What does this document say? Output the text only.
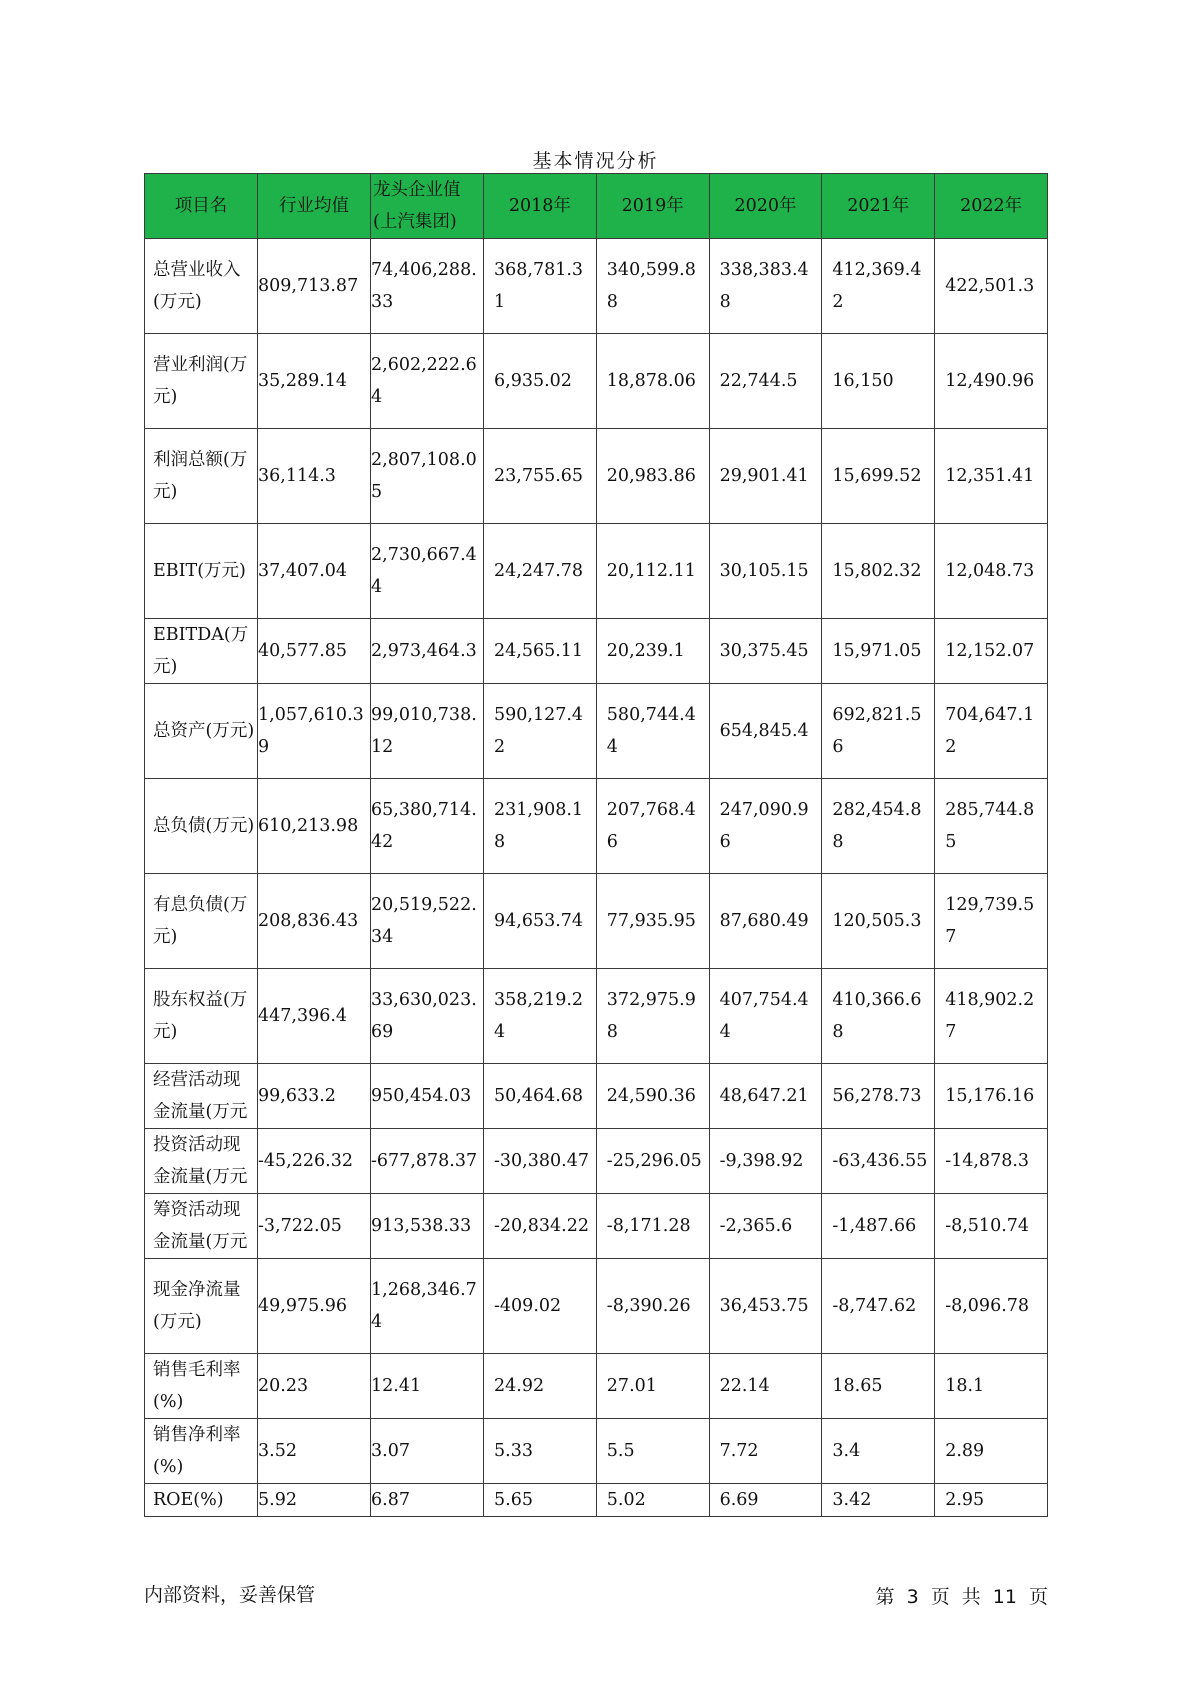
基本情况分析
项目名	行业均值	龙头企业值(上汽集团)	2018年	2019年	2020年	2021年	2022年
总营业收入(万元)	809,713.87	74,406,288.33	368,781.31	340,599.88	338,383.48	412,369.42	422,501.3
营业利润(万元)	35,289.14	2,602,222.64	6,935.02	18,878.06	22,744.5	16,150	12,490.96
利润总额(万元)	36,114.3	2,807,108.05	23,755.65	20,983.86	29,901.41	15,699.52	12,351.41
EBIT(万元)	37,407.04	2,730,667.44	24,247.78	20,112.11	30,105.15	15,802.32	12,048.73
EBITDA(万元)	40,577.85	2,973,464.3	24,565.11	20,239.1	30,375.45	15,971.05	12,152.07
总资产(万元)	1,057,610.39	99,010,738.12	590,127.42	580,744.44	654,845.4	692,821.56	704,647.12
总负债(万元)	610,213.98	65,380,714.42	231,908.18	207,768.46	247,090.96	282,454.88	285,744.85
有息负债(万元)	208,836.43	20,519,522.34	94,653.74	77,935.95	87,680.49	120,505.3	129,739.57
股东权益(万元)	447,396.4	33,630,023.69	358,219.24	372,975.98	407,754.44	410,366.68	418,902.27
经营活动现金流量(万元	99,633.2	950,454.03	50,464.68	24,590.36	48,647.21	56,278.73	15,176.16
投资活动现金流量(万元	-45,226.32	-677,878.37	-30,380.47	-25,296.05	-9,398.92	-63,436.55	-14,878.3
筹资活动现金流量(万元	-3,722.05	913,538.33	-20,834.22	-8,171.28	-2,365.6	-1,487.66	-8,510.74
现金净流量(万元)	49,975.96	1,268,346.74	-409.02	-8,390.26	36,453.75	-8,747.62	-8,096.78
销售毛利率(%)	20.23	12.41	24.92	27.01	22.14	18.65	18.1
销售净利率(%)	3.52	3.07	5.33	5.5	7.72	3.4	2.89
ROE(%)	5.92	6.87	5.65	5.02	6.69	3.42	2.95
内部资料，妥善保管	第 3 页 共 11 页
